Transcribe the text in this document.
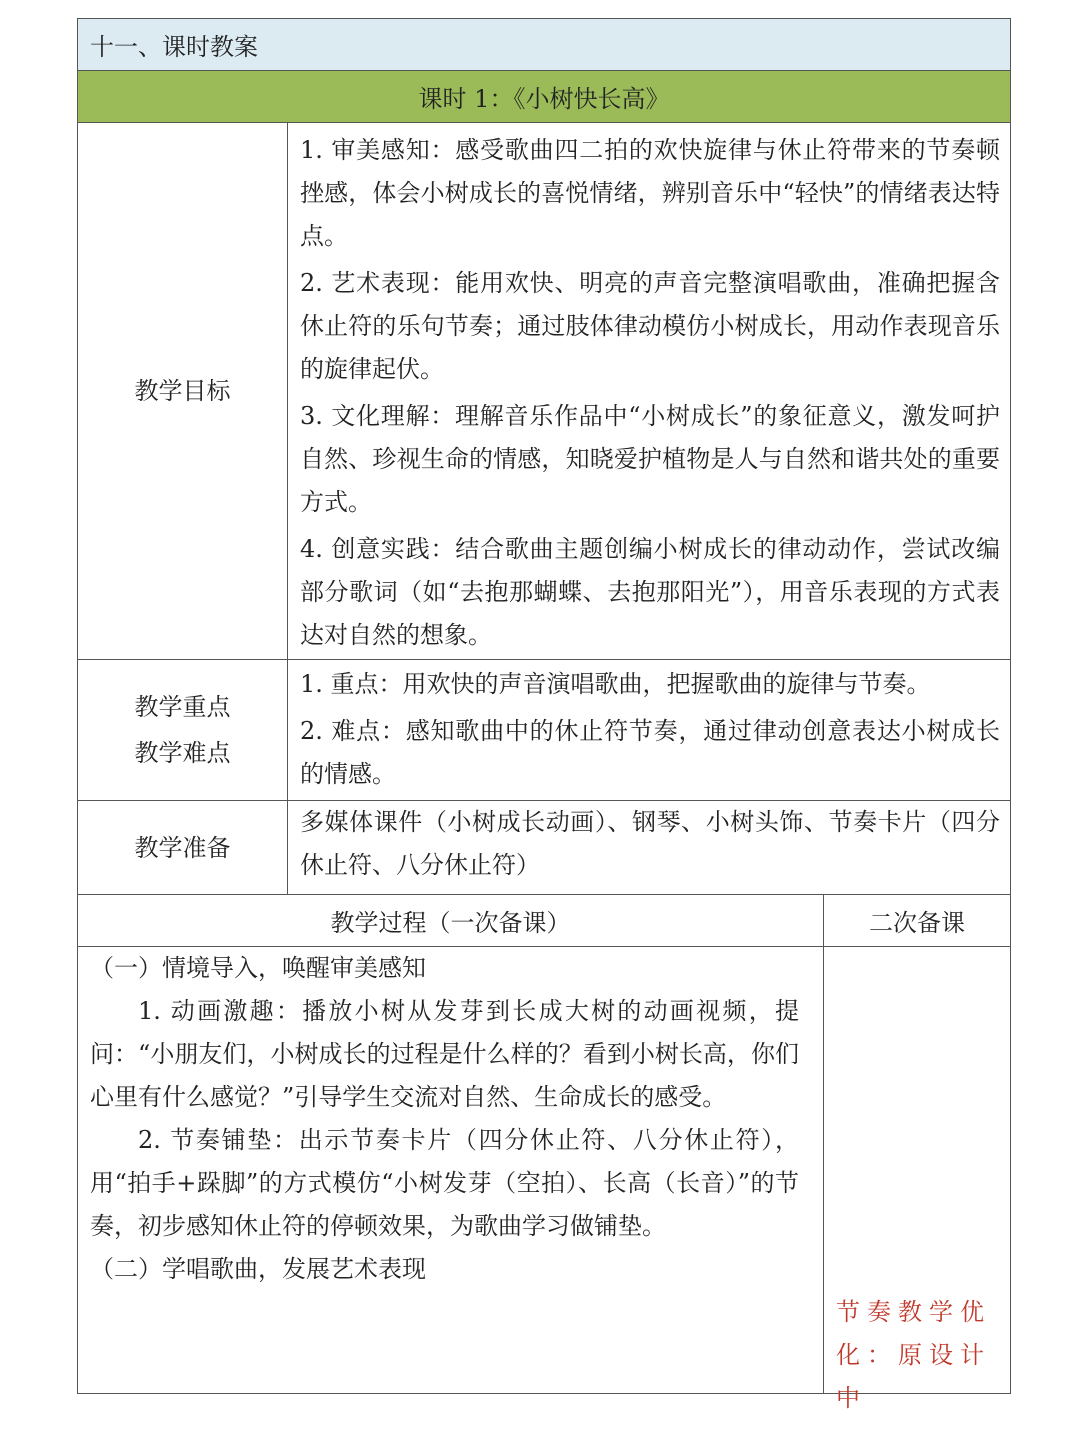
十一、课时教案
课时 1：《小树快长高》
教学目标

1. 审美感知：感受歌曲四二拍的欢快旋律与休止符带来的节奏顿挫感，体会小树成长的喜悦情绪，辨别音乐中“轻快”的情绪表达特点。

2. 艺术表现：能用欢快、明亮的声音完整演唱歌曲，准确把握含休止符的乐句节奏；通过肢体律动模仿小树成长，用动作表现音乐的旋律起伏。

3. 文化理解：理解音乐作品中“小树成长”的象征意义，激发呵护自然、珍视生命的情感，知晓爱护植物是人与自然和谐共处的重要方式。

4. 创意实践：结合歌曲主题创编小树成长的律动动作，尝试改编部分歌词（如“去抱那蝴蝶、去抱那阳光”），用音乐表现的方式表达对自然的想象。

教学重点
教学难点

1. 重点：用欢快的声音演唱歌曲，把握歌曲的旋律与节奏。

2. 难点：感知歌曲中的休止符节奏，通过律动创意表达小树成长的情感。

教学准备

多媒体课件（小树成长动画）、钢琴、小树头饰、节奏卡片（四分休止符、八分休止符）

教学过程（一次备课）	二次备课

（一）情境导入，唤醒审美感知

1. 动画激趣：播放小树从发芽到长成大树的动画视频，提问：“小朋友们，小树成长的过程是什么样的？看到小树长高，你们心里有什么感觉？”引导学生交流对自然、生命成长的感受。

2. 节奏铺垫：出示节奏卡片（四分休止符、八分休止符），用“拍手+跺脚”的方式模仿“小树发芽（空拍）、长高（长音）”的节奏，初步感知休止符的停顿效果，为歌曲学习做铺垫。

（二）学唱歌曲，发展艺术表现

节奏教学优化：原设计中
